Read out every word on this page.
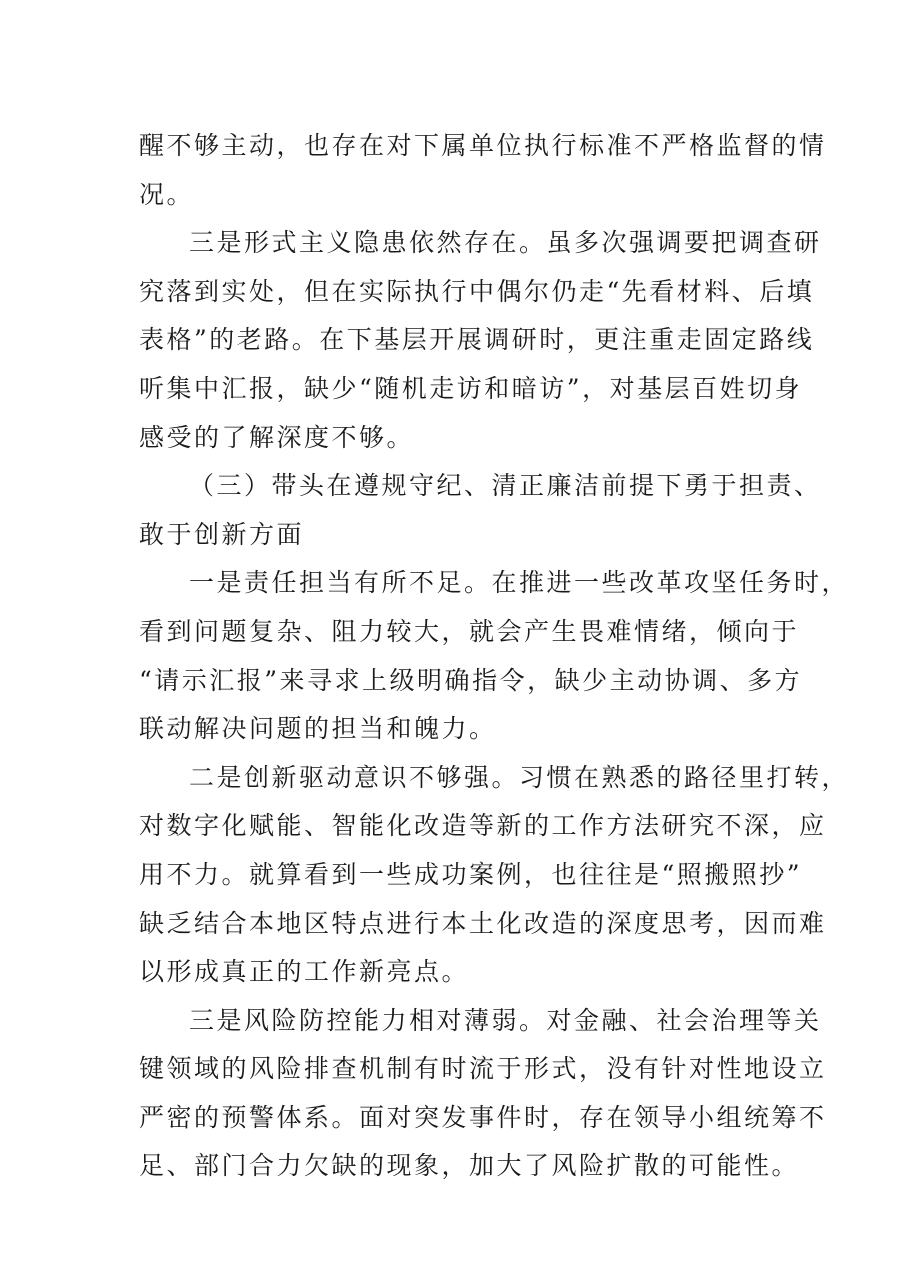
醒不够主动，也存在对下属单位执行标准不严格监督的情
况。
三是形式主义隐患依然存在。虽多次强调要把调查研
究落到实处，但在实际执行中偶尔仍走“先看材料、后填
表格”的老路。在下基层开展调研时，更注重走固定路线
听集中汇报，缺少“随机走访和暗访”，对基层百姓切身
感受的了解深度不够。
（三）带头在遵规守纪、清正廉洁前提下勇于担责、
敢于创新方面
一是责任担当有所不足。在推进一些改革攻坚任务时，
看到问题复杂、阻力较大，就会产生畏难情绪，倾向于
“请示汇报”来寻求上级明确指令，缺少主动协调、多方
联动解决问题的担当和魄力。
二是创新驱动意识不够强。习惯在熟悉的路径里打转，
对数字化赋能、智能化改造等新的工作方法研究不深，应
用不力。就算看到一些成功案例，也往往是“照搬照抄”
缺乏结合本地区特点进行本土化改造的深度思考，因而难
以形成真正的工作新亮点。
三是风险防控能力相对薄弱。对金融、社会治理等关
键领域的风险排查机制有时流于形式，没有针对性地设立
严密的预警体系。面对突发事件时，存在领导小组统筹不
足、部门合力欠缺的现象，加大了风险扩散的可能性。
